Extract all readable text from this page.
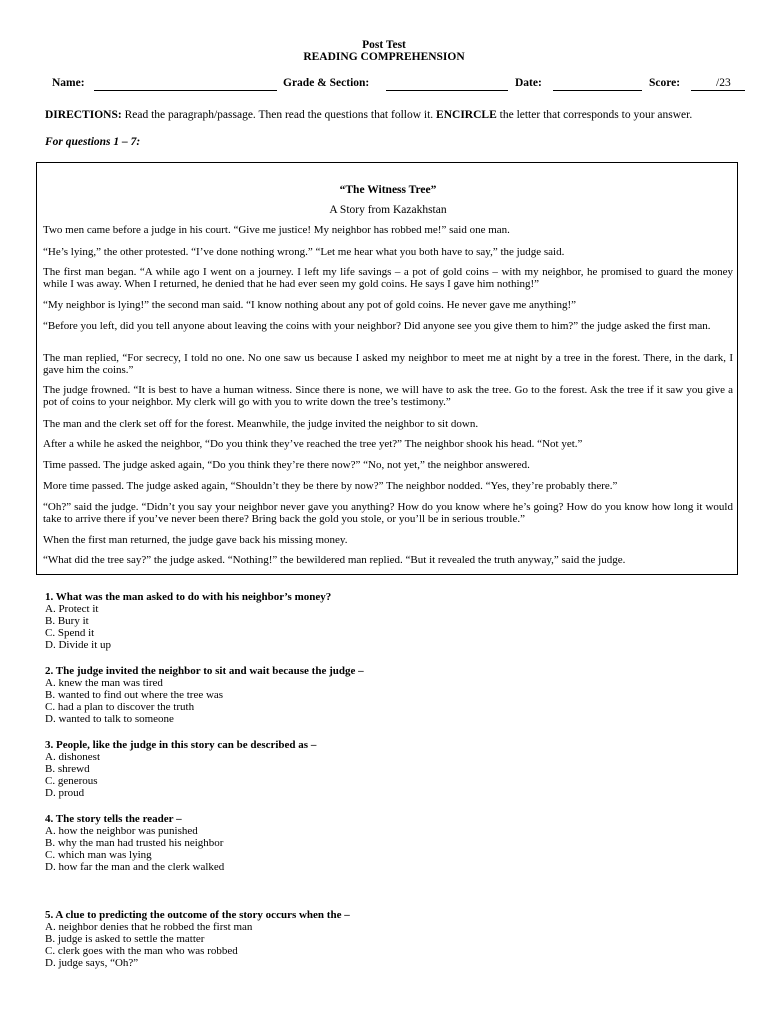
Post Test
READING COMPREHENSION
Name:	Grade & Section:	Date:	Score:	/23
DIRECTIONS: Read the paragraph/passage. Then read the questions that follow it. ENCIRCLE the letter that corresponds to your answer.
For questions 1 – 7:
“The Witness Tree”
A Story from Kazakhstan
Two men came before a judge in his court. “Give me justice! My neighbor has robbed me!” said one man.
“He’s lying,” the other protested. “I’ve done nothing wrong.” “Let me hear what you both have to say,” the judge said.
The first man began. “A while ago I went on a journey. I left my life savings – a pot of gold coins – with my neighbor, he promised to guard the money while I was away. When I returned, he denied that he had ever seen my gold coins. He says I gave him nothing!”
“My neighbor is lying!” the second man said. “I know nothing about any pot of gold coins. He never gave me anything!”
“Before you left, did you tell anyone about leaving the coins with your neighbor? Did anyone see you give them to him?” the judge asked the first man.
The man replied, “For secrecy, I told no one. No one saw us because I asked my neighbor to meet me at night by a tree in the forest. There, in the dark, I gave him the coins.”
The judge frowned. “It is best to have a human witness. Since there is none, we will have to ask the tree. Go to the forest. Ask the tree if it saw you give a pot of coins to your neighbor. My clerk will go with you to write down the tree’s testimony.”
The man and the clerk set off for the forest. Meanwhile, the judge invited the neighbor to sit down.
After a while he asked the neighbor, “Do you think they’ve reached the tree yet?” The neighbor shook his head. “Not yet.”
Time passed. The judge asked again, “Do you think they’re there now?” “No, not yet,” the neighbor answered.
More time passed. The judge asked again, “Shouldn’t they be there by now?” The neighbor nodded. “Yes, they’re probably there.”
“Oh?” said the judge. “Didn’t you say your neighbor never gave you anything? How do you know where he’s going? How do you know how long it would take to arrive there if you’ve never been there? Bring back the gold you stole, or you’ll be in serious trouble.”
When the first man returned, the judge gave back his missing money.
“What did the tree say?” the judge asked. “Nothing!” the bewildered man replied. “But it revealed the truth anyway,” said the judge.
1. What was the man asked to do with his neighbor’s money?
A. Protect it
B. Bury it
C. Spend it
D. Divide it up
2. The judge invited the neighbor to sit and wait because the judge –
A. knew the man was tired
B. wanted to find out where the tree was
C. had a plan to discover the truth
D. wanted to talk to someone
3. People, like the judge in this story can be described as –
A. dishonest
B. shrewd
C. generous
D. proud
4. The story tells the reader –
A. how the neighbor was punished
B. why the man had trusted his neighbor
C. which man was lying
D. how far the man and the clerk walked
5. A clue to predicting the outcome of the story occurs when the –
A. neighbor denies that he robbed the first man
B. judge is asked to settle the matter
C. clerk goes with the man who was robbed
D. judge says, “Oh?”
